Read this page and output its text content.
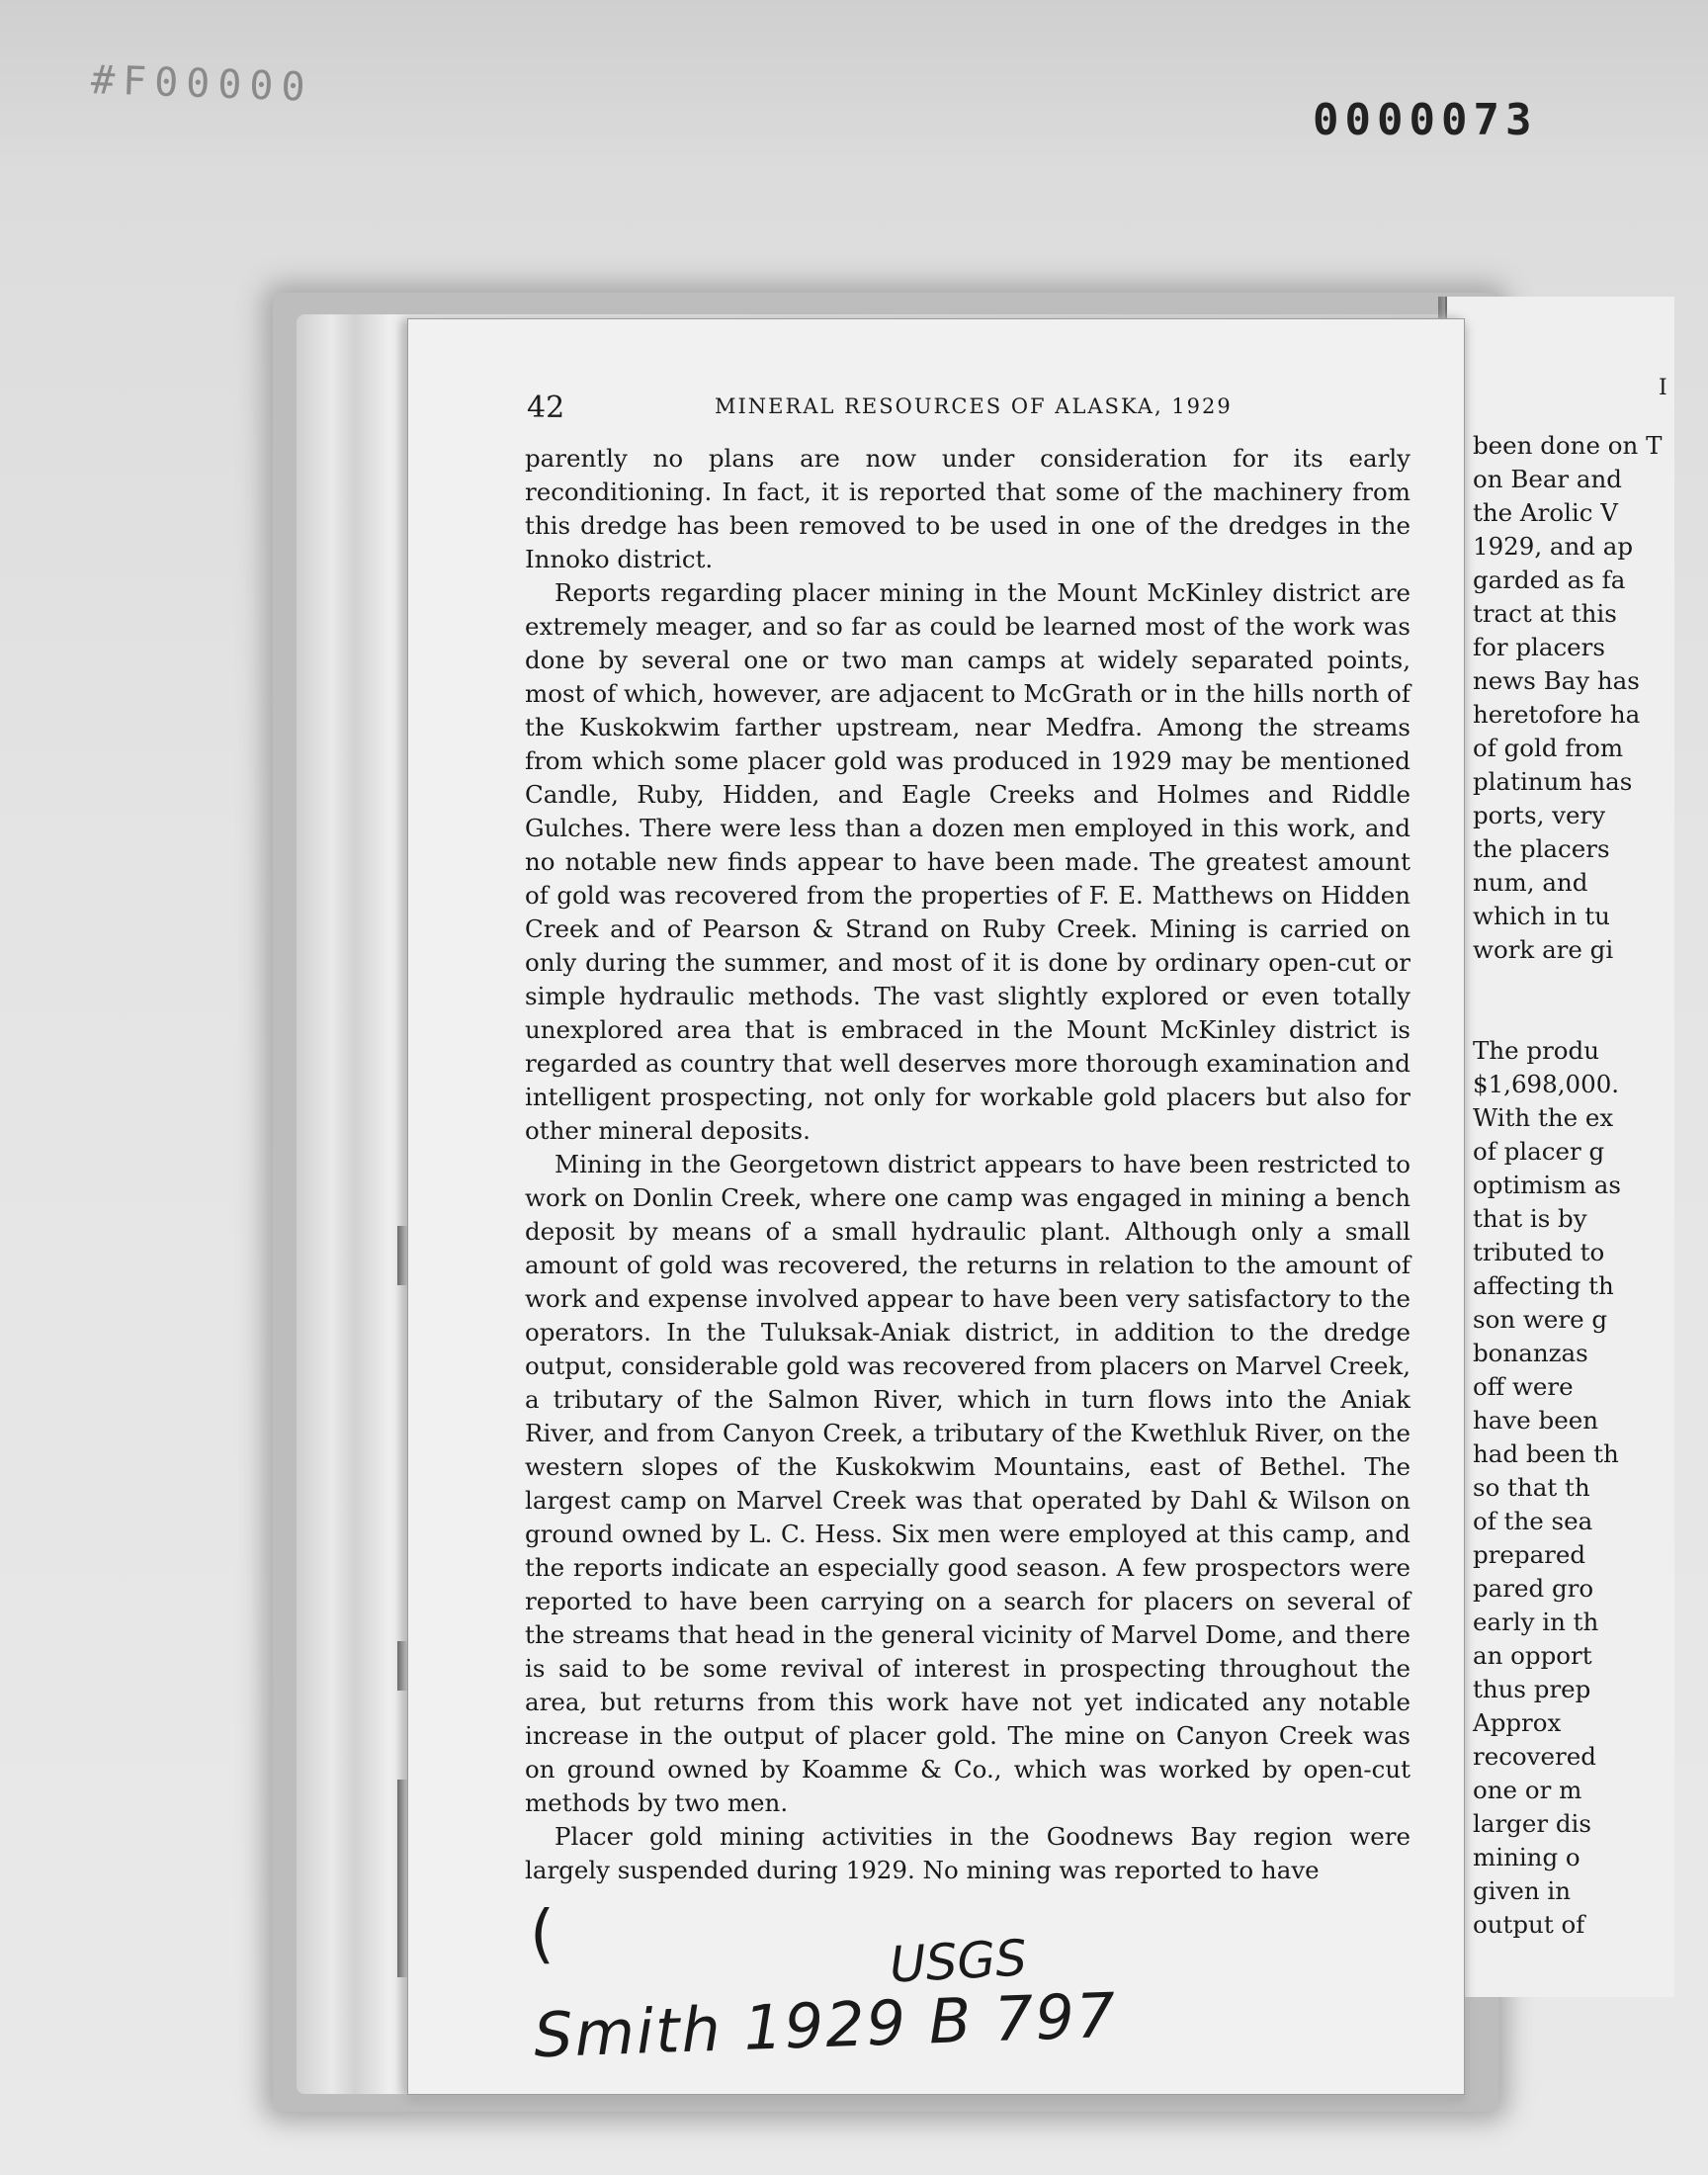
#F00000
0000073
I
been done on T
on Bear and
the Arolic V
1929, and ap
garded as fa
tract at this
for placers
news Bay has
heretofore ha
of gold from
platinum has
ports, very
the placers
num, and
which in tu
work are gi
The produ
$1,698,000.
With the ex
of placer g
optimism as
that is by
tributed to
affecting th
son were g
bonanzas
off were
have been
had been th
so that th
of the sea
prepared
pared gro
early in th
an opport
thus prep
Approx
recovered
one or m
larger dis
mining o
given in
output of
42	MINERAL RESOURCES OF ALASKA, 1929

parently no plans are now under consideration for its early reconditioning. In fact, it is reported that some of the machinery from this dredge has been removed to be used in one of the dredges in the Innoko district.

Reports regarding placer mining in the Mount McKinley district are extremely meager, and so far as could be learned most of the work was done by several one or two man camps at widely separated points, most of which, however, are adjacent to McGrath or in the hills north of the Kuskokwim farther upstream, near Medfra. Among the streams from which some placer gold was produced in 1929 may be mentioned Candle, Ruby, Hidden, and Eagle Creeks and Holmes and Riddle Gulches. There were less than a dozen men employed in this work, and no notable new finds appear to have been made. The greatest amount of gold was recovered from the properties of F. E. Matthews on Hidden Creek and of Pearson & Strand on Ruby Creek. Mining is carried on only during the summer, and most of it is done by ordinary open-cut or simple hydraulic methods. The vast slightly explored or even totally unexplored area that is embraced in the Mount McKinley district is regarded as country that well deserves more thorough examination and intelligent prospecting, not only for workable gold placers but also for other mineral deposits.

Mining in the Georgetown district appears to have been restricted to work on Donlin Creek, where one camp was engaged in mining a bench deposit by means of a small hydraulic plant. Although only a small amount of gold was recovered, the returns in relation to the amount of work and expense involved appear to have been very satisfactory to the operators. In the Tuluksak-Aniak district, in addition to the dredge output, considerable gold was recovered from placers on Marvel Creek, a tributary of the Salmon River, which in turn flows into the Aniak River, and from Canyon Creek, a tributary of the Kwethluk River, on the western slopes of the Kuskokwim Mountains, east of Bethel. The largest camp on Marvel Creek was that operated by Dahl & Wilson on ground owned by L. C. Hess. Six men were employed at this camp, and the reports indicate an especially good season. A few prospectors were reported to have been carrying on a search for placers on several of the streams that head in the general vicinity of Marvel Dome, and there is said to be some revival of interest in prospecting throughout the area, but returns from this work have not yet indicated any notable increase in the output of placer gold. The mine on Canyon Creek was on ground owned by Koamme & Co., which was worked by open-cut methods by two men.

Placer gold mining activities in the Goodnews Bay region were largely suspended during 1929. No mining was reported to have

(	USGS
Smith 1929 B 797
